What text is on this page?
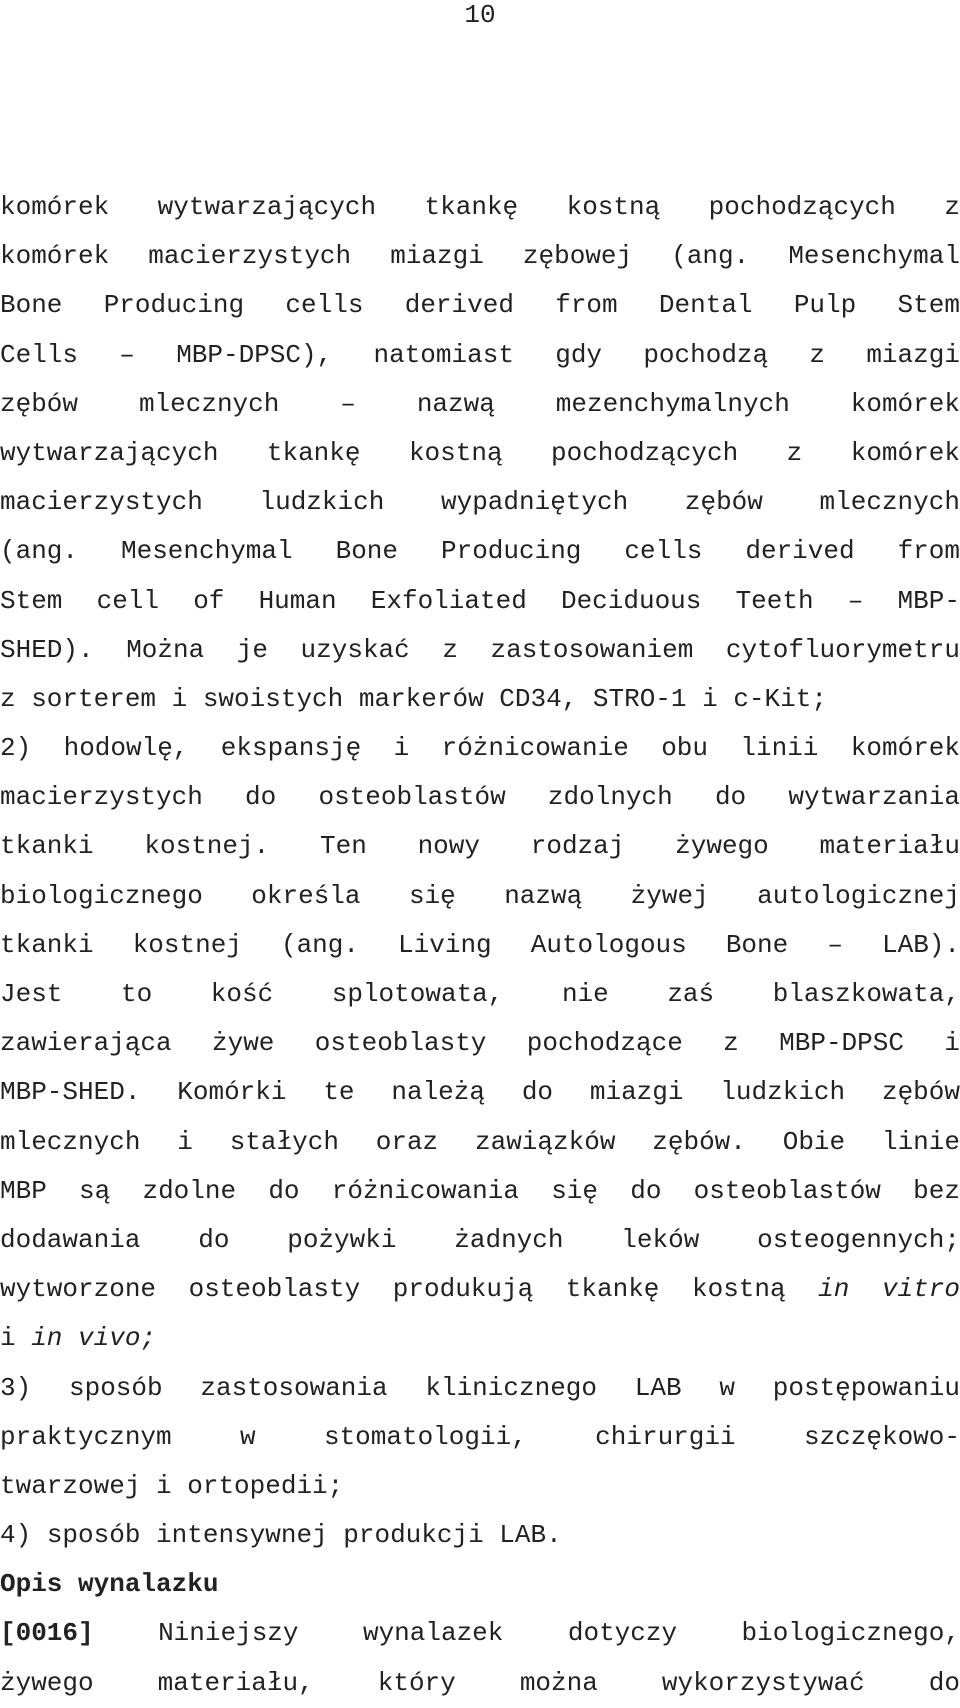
10
komórek wytwarzających tkankę kostną pochodzących z
komórek macierzystych miazgi zębowej (ang. Mesenchymal
Bone Producing cells derived from Dental Pulp Stem
Cells – MBP-DPSC), natomiast gdy pochodzą z miazgi
zębów mlecznych – nazwą mezenchymalnych komórek
wytwarzających tkankę kostną pochodzących z komórek
macierzystych ludzkich wypadniętych zębów mlecznych
(ang. Mesenchymal Bone Producing cells derived from
Stem cell of Human Exfoliated Deciduous Teeth – MBP-
SHED). Można je uzyskać z zastosowaniem cytofluorymetru
z sorterem i swoistych markerów CD34, STRO-1 i c-Kit;
2) hodowlę, ekspansję i różnicowanie obu linii komórek
macierzystych do osteoblastów zdolnych do wytwarzania
tkanki kostnej. Ten nowy rodzaj żywego materiału
biologicznego określa się nazwą żywej autologicznej
tkanki kostnej (ang. Living Autologous Bone – LAB).
Jest to kość splotowata, nie zaś blaszkowata,
zawierająca żywe osteoblasty pochodzące z MBP-DPSC i
MBP-SHED. Komórki te należą do miazgi ludzkich zębów
mlecznych i stałych oraz zawiązków zębów. Obie linie
MBP są zdolne do różnicowania się do osteoblastów bez
dodawania do pożywki żadnych leków osteogennych;
wytworzone osteoblasty produkują tkankę kostną in vitro
i in vivo;
3) sposób zastosowania klinicznego LAB w postępowaniu
praktycznym	w	stomatologii,	chirurgii	szczękowo-
twarzowej i ortopedii;
4) sposób intensywnej produkcji LAB.
Opis wynalazku
[0016] Niniejszy wynalazek dotyczy biologicznego,
żywego materiału, który można wykorzystywać do
